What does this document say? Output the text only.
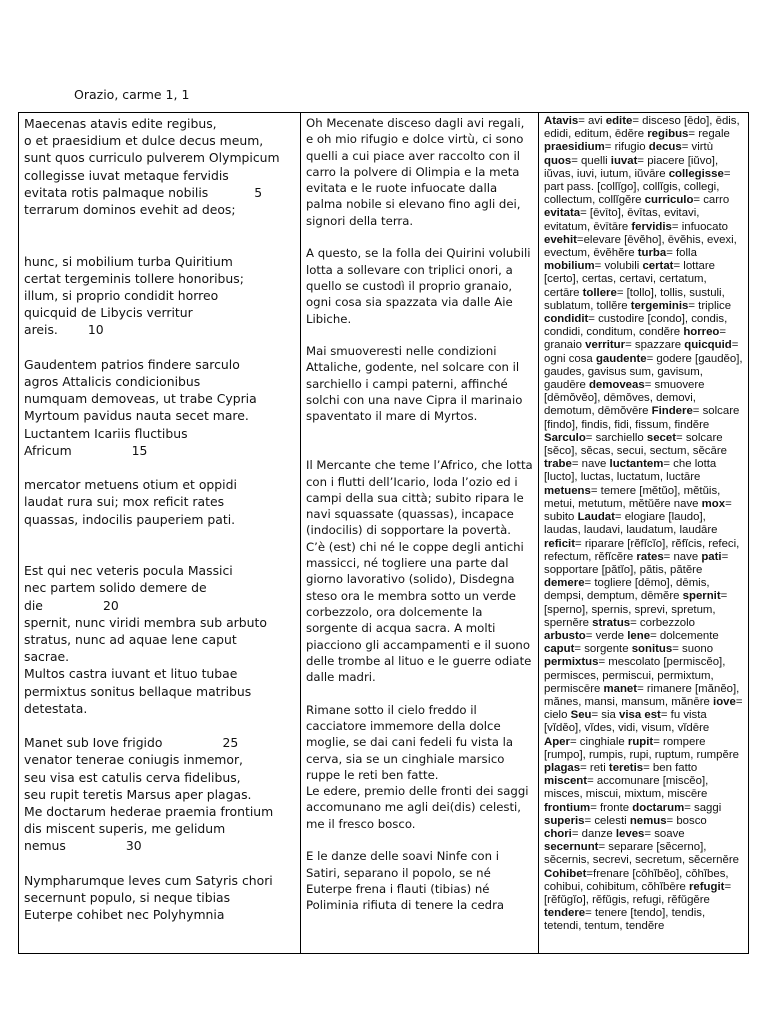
Orazio, carme 1, 1
Maecenas atavis edite regibus,
o et praesidium et dulce decus meum,
sunt quos curriculo pulverem Olympicum
collegisse iuvat metaque fervidis
evitata rotis palmaque nobilis	5
terrarum dominos evehit ad deos;
hunc, si mobilium turba Quiritium
certat tergeminis tollere honoribus;
illum, si proprio condidit horreo
quicquid de Libycis verritur
areis. 10
Gaudentem patrios findere sarculo
agros Attalicis condicionibus
numquam demoveas, ut trabe Cypria
Myrtoum pavidus nauta secet mare.
Luctantem Icariis fluctibus
Africum	15
mercator metuens otium et oppidi
laudat rura sui; mox reficit rates
quassas, indocilis pauperiem pati.
Est qui nec veteris pocula Massici
nec partem solido demere de
die	20
spernit, nunc viridi membra sub arbuto
stratus, nunc ad aquae lene caput
sacrae.
Multos castra iuvant et lituo tubae
permixtus sonitus bellaque matribus
detestata.
Manet sub Iove frigido	25
venator tenerae coniugis inmemor,
seu visa est catulis cerva fidelibus,
seu rupit teretis Marsus aper plagas.
Me doctarum hederae praemia frontium
dis miscent superis, me gelidum
nemus	30
Nympharumque leves cum Satyris chori
secernunt populo, si neque tibias
Euterpe cohibet nec Polyhymnia

Oh Mecenate disceso dagli avi regali, e oh mio rifugio e dolce virtù, ci sono quelli a cui piace aver raccolto con il carro la polvere di Olimpia e la meta evitata e le ruote infuocate dalla palma nobile si elevano fino agli dei, signori della terra.
A questo, se la folla dei Quirini volubili lotta a sollevare con triplici onori, a quello se custodì il proprio granaio, ogni cosa sia spazzata via dalle Aie Libiche.
Mai smuoveresti nelle condizioni Attaliche, godente, nel solcare con il sarchiello i campi paterni, affinché solchi con una nave Cipra il marinaio spaventato il mare di Myrtos.
Il Mercante che teme l’Africo, che lotta con i flutti dell’Icario, loda l’ozio ed i campi della sua città; subito ripara le navi squassate (quassas), incapace (indocilis) di sopportare la povertà.
C’è (est) chi né le coppe degli antichi massicci, né togliere una parte dal giorno lavorativo (solido), Disdegna steso ora le membra sotto un verde corbezzolo, ora dolcemente la sorgente di acqua sacra. A molti piacciono gli accampamenti e il suono delle trombe al lituo e le guerre odiate dalle madri.
Rimane sotto il cielo freddo il cacciatore immemore della dolce moglie, se dai cani fedeli fu vista la cerva, sia se un cinghiale marsico ruppe le reti ben fatte.
Le edere, premio delle fronti dei saggi accomunano me agli dei(dis) celesti, me il fresco bosco.
E le danze delle soavi Ninfe con i Satiri, separano il popolo, se né Euterpe frena i flauti (tibias) né Poliminia rifiuta di tenere la cedra

Atavis= avi edite= disceso [ēdo], ēdis, edidi, editum, ēdĕre regibus= regale praesidium= rifugio decus= virtù quos= quelli iuvat= piacere [iŭvo], iŭvas, iuvi, iutum, iŭvāre collegisse= part pass. [collĭgo], collĭgis, collegi, collectum, collĭgĕre curriculo= carro evitata= [ēvīto], ēvītas, evitavi, evitatum, ēvītāre fervidis= infuocato evehit=elevare [ēvĕho], ēvĕhis, evexi, evectum, ēvĕhĕre turba= folla mobilium= volubili certat= lottare [certo], certas, certavi, certatum, certāre tollere= [tollo], tollis, sustuli, sublatum, tollĕre tergeminis= triplice condidit= custodire [condo], condis, condidi, conditum, condĕre horreo= granaio verritur= spazzare quicquid= ogni cosa gaudente= godere [gaudĕo], gaudes, gavisus sum, gavisum, gaudēre demoveas= smuovere [dēmŏvĕo], dēmŏves, demovi, demotum, dēmŏvēre Findere= solcare [findo], findis, fidi, fissum, findĕre Sarculo= sarchiello secet= solcare [sĕco], sĕcas, secui, sectum, sĕcāre trabe= nave luctantem= che lotta [lucto], luctas, luctatum, luctāre metuens= temere [mĕtŭo], mĕtŭis, metui, metutum, mĕtŭĕre nave mox= subito Laudat= elogiare [laudo], laudas, laudavi, laudatum, laudāre reficit= riparare [rĕfĭcĭo], rĕfĭcis, refeci, refectum, rĕfĭcĕre rates= nave pati= sopportare [pătĭo], pătis, pătĕre demere= togliere [dēmo], dēmis, dempsi, demptum, dēmĕre spernit= [sperno], spernis, sprevi, spretum, spernĕre stratus= corbezzolo arbusto= verde lene= dolcemente caput= sorgente sonitus= suono permixtus= mescolato [permiscĕo], permisces, permiscui, permixtum, permiscēre manet= rimanere [mănĕo], mănes, mansi, mansum, mănēre iove= cielo Seu= sia visa est= fu vista [vĭdĕo], vĭdes, vidi, visum, vĭdēre Aper= cinghiale rupit= rompere [rumpo], rumpis, rupi, ruptum, rumpĕre plagas= reti teretis= ben fatto miscent= accomunare [miscĕo], misces, miscui, mixtum, miscēre frontium= fronte doctarum= saggi superis= celesti nemus= bosco chori= danze leves= soave secernunt= separare [sĕcerno], sĕcernis, secrevi, secretum, sĕcernĕre Cohibet=frenare [cŏhĭbĕo], cŏhĭbes, cohibui, cohibitum, cŏhĭbēre refugit= [rĕfŭgĭo], rĕfŭgis, refugi, rĕfŭgĕre tendere= tenere [tendo], tendis, tetendi, tentum, tendĕre
